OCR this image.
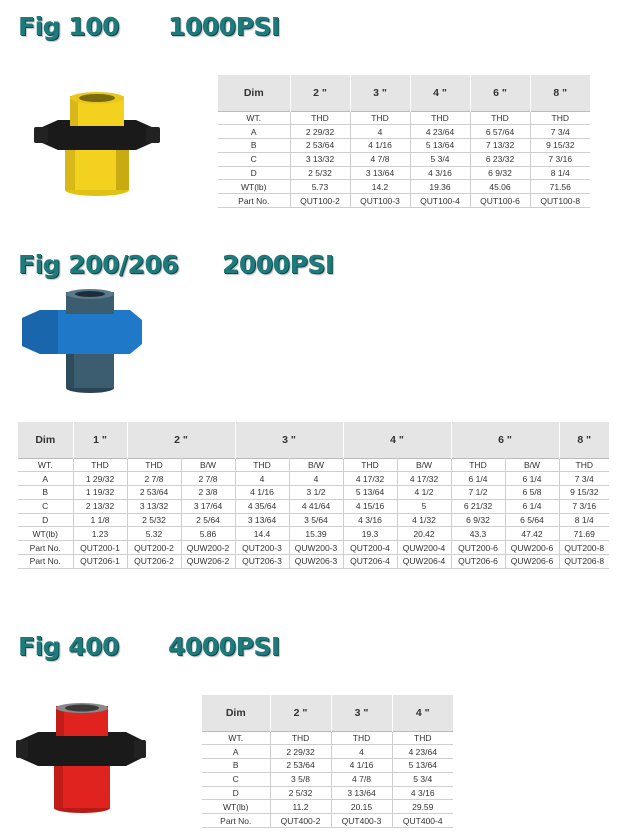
Fig 100 1000PSI
Dim	2 "	3 "	4 "	6 "	8 "
WT.	THD	THD	THD	THD	THD
A	2 29/32	4	4 23/64	6 57/64	7 3/4
B	2 53/64	4 1/16	5 13/64	7 13/32	9 15/32
C	3 13/32	4 7/8	5 3/4	6 23/32	7 3/16
D	2 5/32	3 13/64	4 3/16	6 9/32	8 1/4
WT(lb)	5.73	14.2	19.36	45.06	71.56
Part No.	QUT100-2	QUT100-3	QUT100-4	QUT100-6	QUT100-8
Fig 200/206 2000PSI
Dim	1 "	2 "		3 "		4 "		6 "		8 "
WT.	THD	THD	B/W	THD	B/W	THD	B/W	THD	B/W	THD
A	1 29/32	2 7/8	2 7/8	4	4	4 17/32	4 17/32	6 1/4	6 1/4	7 3/4
B	1 19/32	2 53/64	2 3/8	4 1/16	3 1/2	5 13/64	4 1/2	7 1/2	6 5/8	9 15/32
C	2 13/32	3 13/32	3 17/64	4 35/64	4 41/64	4 15/16	5	6 21/32	6 1/4	7 3/16
D	1 1/8	2 5/32	2 5/64	3 13/64	3 5/64	4 3/16	4 1/32	6 9/32	6 5/64	8 1/4
WT(lb)	1.23	5.32	5.86	14.4	15.39	19.3	20.42	43.3	47.42	71.69
Part No.	QUT200-1	QUT200-2	QUW200-2	QUT200-3	QUW200-3	QUT200-4	QUW200-4	QUT200-6	QUW200-6	QUT200-8
Part No.	QUT206-1	QUT206-2	QUW206-2	QUT206-3	QUW206-3	QUT206-4	QUW206-4	QUT206-6	QUW206-6	QUT206-8
Fig 400 4000PSI
Dim	2 "	3 "	4 "
WT.	THD	THD	THD
A	2 29/32	4	4 23/64
B	2 53/64	4 1/16	5 13/64
C	3 5/8	4 7/8	5 3/4
D	2 5/32	3 13/64	4 3/16
WT(lb)	11.2	20.15	29.59
Part No.	QUT400-2	QUT400-3	QUT400-4
